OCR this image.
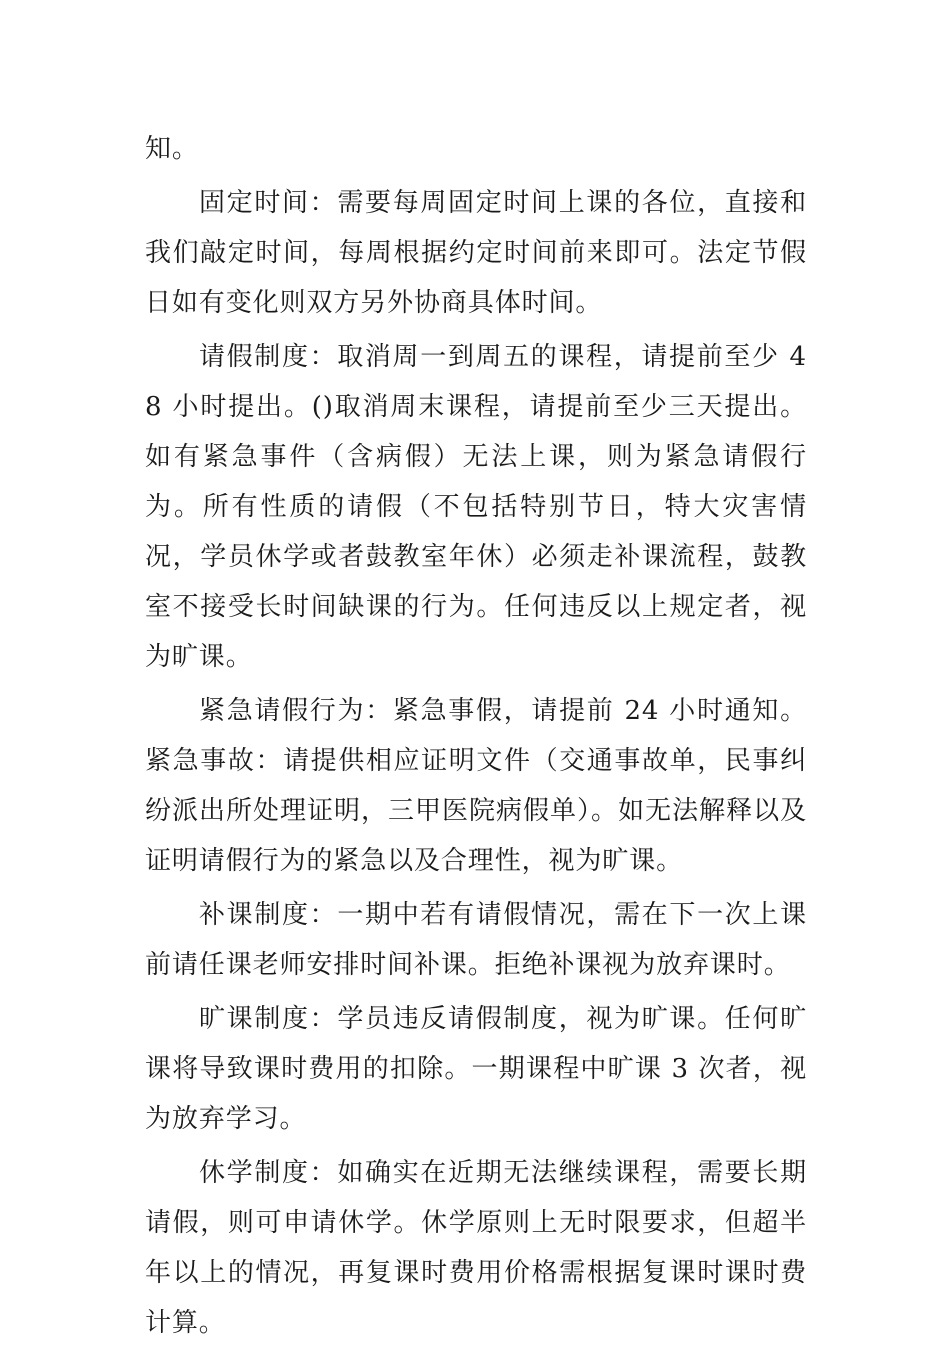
知。

固定时间：需要每周固定时间上课的各位，直接和我们敲定时间，每周根据约定时间前来即可。法定节假日如有变化则双方另外协商具体时间。

请假制度：取消周一到周五的课程，请提前至少 48 小时提出。()取消周末课程，请提前至少三天提出。如有紧急事件（含病假）无法上课，则为紧急请假行为。所有性质的请假（不包括特别节日，特大灾害情况，学员休学或者鼓教室年休）必须走补课流程，鼓教室不接受长时间缺课的行为。任何违反以上规定者，视为旷课。

紧急请假行为：紧急事假，请提前 24 小时通知。紧急事故：请提供相应证明文件（交通事故单，民事纠纷派出所处理证明，三甲医院病假单）。如无法解释以及证明请假行为的紧急以及合理性，视为旷课。

补课制度：一期中若有请假情况，需在下一次上课前请任课老师安排时间补课。拒绝补课视为放弃课时。

旷课制度：学员违反请假制度，视为旷课。任何旷课将导致课时费用的扣除。一期课程中旷课 3 次者，视为放弃学习。

休学制度：如确实在近期无法继续课程，需要长期请假，则可申请休学。休学原则上无时限要求，但超半年以上的情况，再复课时费用价格需根据复课时课时费计算。
